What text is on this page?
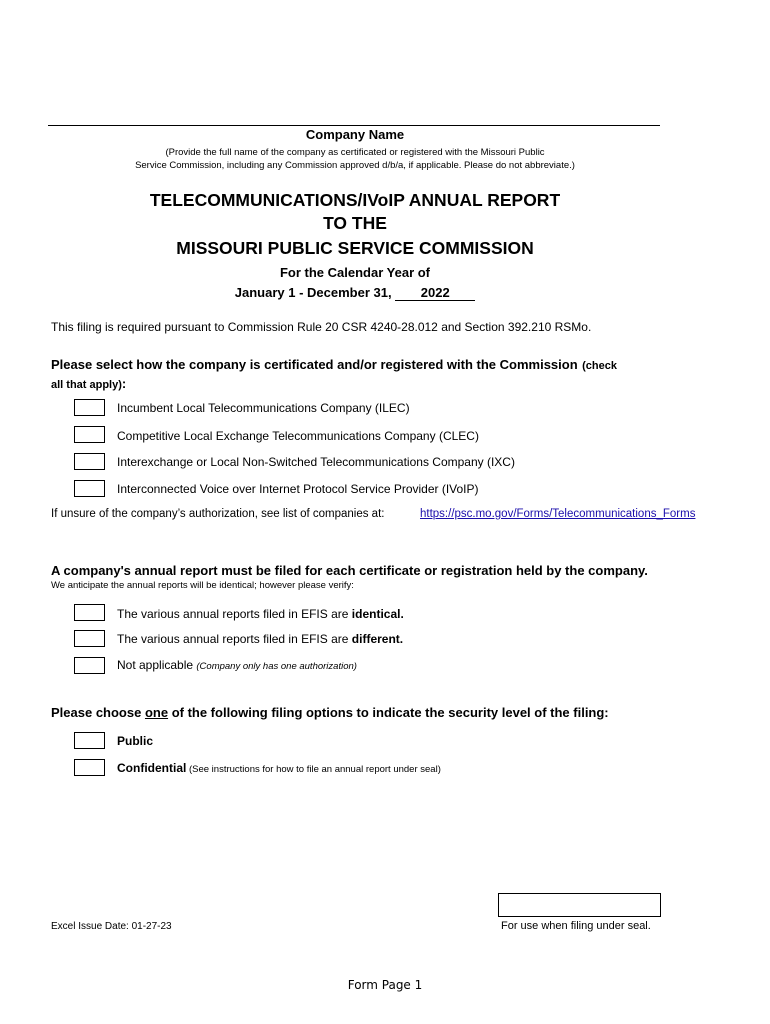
Company Name
(Provide the full name of the company as certificated or registered with the Missouri Public
Service Commission, including any Commission approved d/b/a, if applicable. Please do not abbreviate.)
TELECOMMUNICATIONS/IVoIP ANNUAL REPORT
TO THE
MISSOURI PUBLIC SERVICE COMMISSION
For the Calendar Year of
January 1 - December 31, 2022
This filing is required pursuant to Commission Rule 20 CSR 4240-28.012 and Section 392.210 RSMo.
Please select how the company is certificated and/or registered with the Commission (check
all that apply):
Incumbent Local Telecommunications Company (ILEC)
Competitive Local Exchange Telecommunications Company (CLEC)
Interexchange or Local Non-Switched Telecommunications Company (IXC)
Interconnected Voice over Internet Protocol Service Provider (IVoIP)
If unsure of the company’s authorization, see list of companies at:	https://psc.mo.gov/Forms/Telecommunications_Forms
A company's annual report must be filed for each certificate or registration held by the company.
We anticipate the annual reports will be identical; however please verify:
The various annual reports filed in EFIS are identical.
The various annual reports filed in EFIS are different.
Not applicable (Company only has one authorization)
Please choose one of the following filing options to indicate the security level of the filing:
Public
Confidential (See instructions for how to file an annual report under seal)
Excel Issue Date: 01-27-23	For use when filing under seal.
Form Page 1
